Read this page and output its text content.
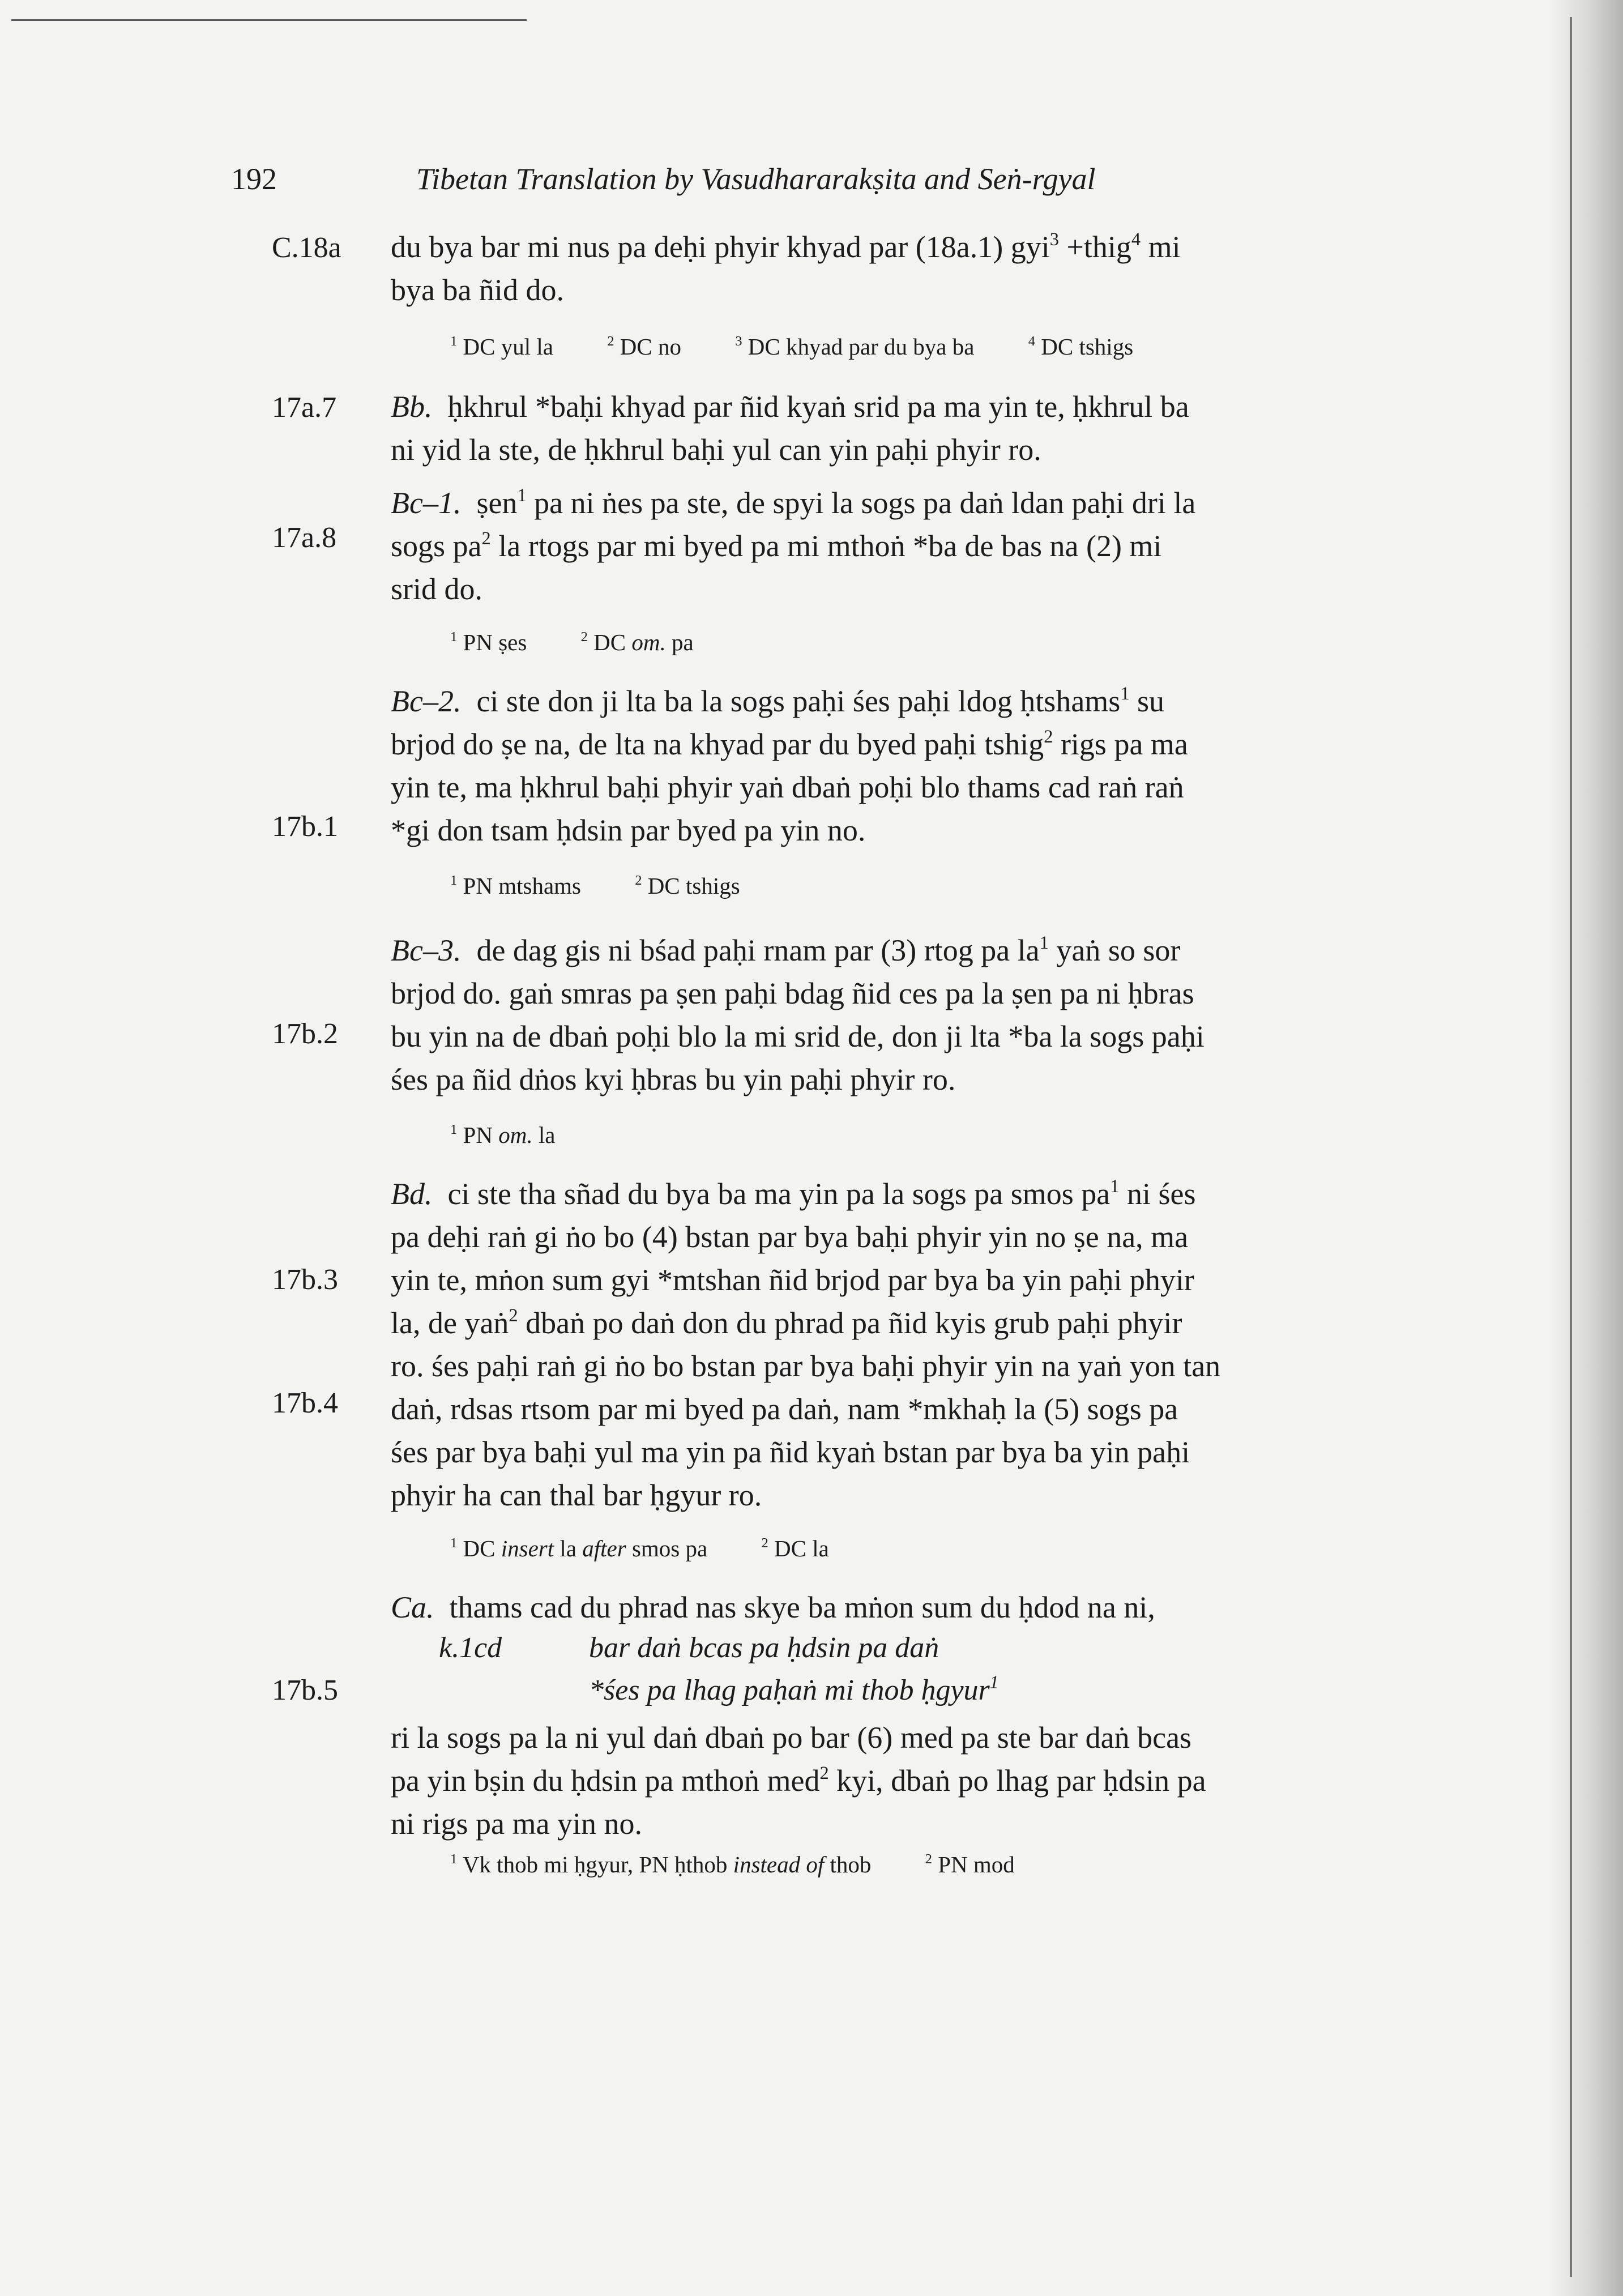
192	Tibetan Translation by Vasudhararakṣita and Seṅ-rgyal
C.18a
17a.7
17a.8
17b.1
17b.2
17b.3
17b.4
17b.5
du bya bar mi nus pa deḥi phyir khyad par (18a.1) gyi$^3$ +thig$^4$ mi
bya ba ñid do.
$^1$ DC yul la	$^2$ DC no	$^3$ DC khyad par du bya ba	$^4$ DC tshigs
Bb. ḥkhrul *baḥi khyad par ñid kyaṅ srid pa ma yin te, ḥkhrul ba
ni yid la ste, de ḥkhrul baḥi yul can yin paḥi phyir ro.
Bc–1. ṣen$^1$ pa ni ṅes pa ste, de spyi la sogs pa daṅ ldan paḥi dri la
sogs $pa^2$ la rtogs par mi byed pa mi mthoṅ *ba de bas na (2) mi
srid do.
$^1$ PN ṣes	$^2$ DC om. pa
Bc–2. ci ste don ji lta ba la sogs paḥi śes paḥi ldog ḥtshams$^1$ su
brjod do ṣe na, de lta na khyad par du byed paḥi tshig$^2$ rigs pa ma
yin te, ma ḥkhrul baḥi phyir yaṅ dbaṅ poḥi blo thams cad raṅ raṅ
*gi don tsam ḥdsin par byed pa yin no.
$^1$ PN mtshams	$^2$ DC tshigs
Bc–3. de dag gis ni bśad paḥi rnam par (3) rtog pa $la^1$ yaṅ so sor
brjod do. gaṅ smras pa ṣen paḥi bdag ñid ces pa la ṣen pa ni ḥbras
bu yin na de dbaṅ poḥi blo la mi srid de, don ji lta *ba la sogs paḥi
śes pa ñid dṅos kyi ḥbras bu yin paḥi phyir ro.
$^1$ PN om. la
Bd. ci ste tha sñad du bya ba ma yin pa la sogs pa smos $pa^1$ ni śes
pa deḥi raṅ gi ṅo bo (4) bstan par bya baḥi phyir yin no ṣe na, ma
yin te, mṅon sum gyi *mtshan ñid brjod par bya ba yin paḥi phyir
la, de yaṅ$^2$ dbaṅ po daṅ don du phrad pa ñid kyis grub paḥi phyir
ro. śes paḥi raṅ gi ṅo bo bstan par bya baḥi phyir yin na yaṅ yon tan
daṅ, rdsas rtsom par mi byed pa daṅ, nam *mkhaḥ la (5) sogs pa
śes par bya baḥi yul ma yin pa ñid kyaṅ bstan par bya ba yin paḥi
phyir ha can thal bar ḥgyur ro.
$^1$ DC insert la after smos pa	$^2$ DC la
Ca. thams cad du phrad nas skye ba mṅon sum du ḥdod na ni,
k.1cd	bar daṅ bcas pa ḥdsin pa daṅ
*śes pa lhag paḥaṅ mi thob ḥgyur$^1$
ri la sogs pa la ni yul daṅ dbaṅ po bar (6) med pa ste bar daṅ bcas
pa yin bṣin du ḥdsin pa mthoṅ med$^2$ kyi, dbaṅ po lhag par ḥdsin pa
ni rigs pa ma yin no.
$^1$ Vk thob mi ḥgyur, PN ḥthob instead of thob	$^2$ PN mod
